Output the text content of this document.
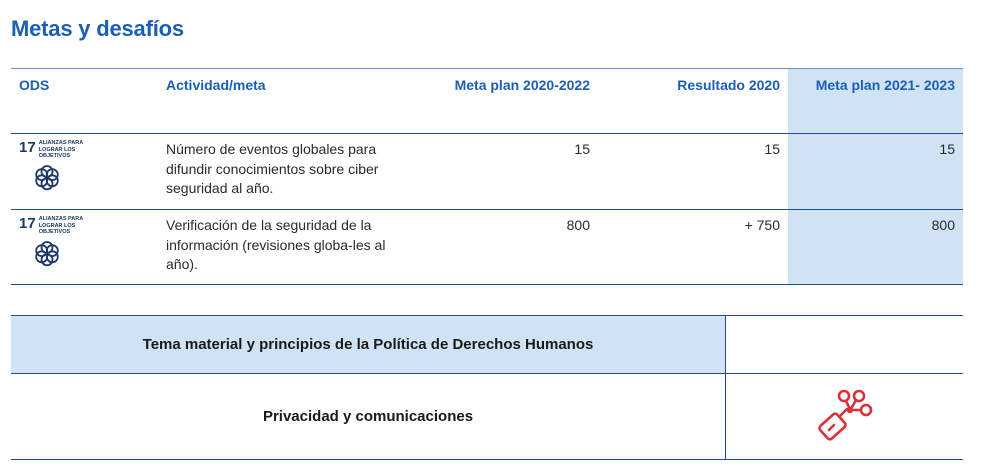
Metas y desafíos
ODS	Actividad/meta	Meta plan 2020-2022	Resultado 2020	Meta plan 2021- 2023

17 ALIANZAS PARA LOGRAR LOS OBJETIVOS	Número de eventos globales para difundir conocimientos sobre ciber seguridad al año.	15	15	15

17 ALIANZAS PARA LOGRAR LOS OBJETIVOS	Verificación de la seguridad de la información (revisiones globa-les al año).	800	+ 750	800
Tema material y principios de la Política de Derechos Humanos	
Privacidad y comunicaciones	
